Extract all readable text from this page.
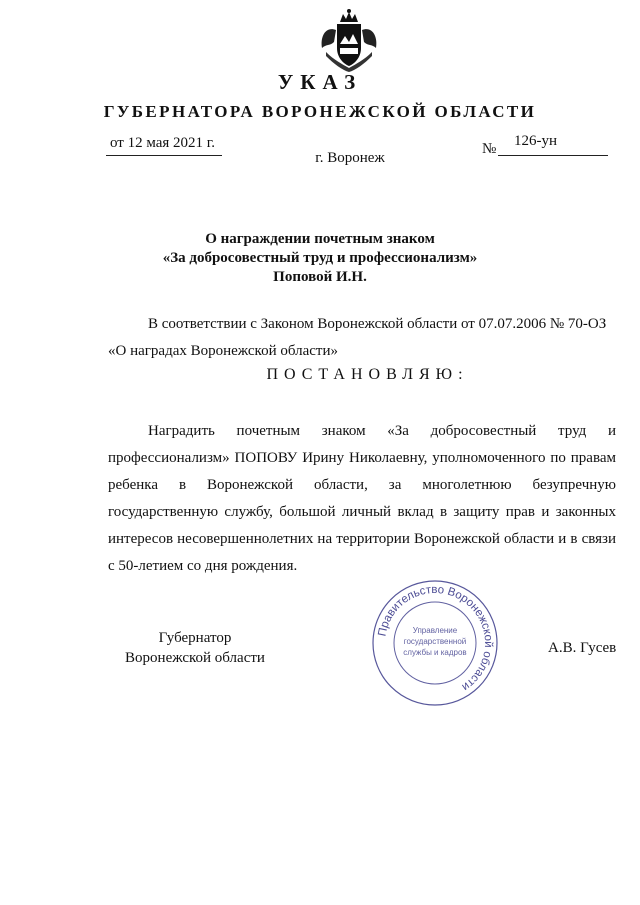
УКАЗ
ГУБЕРНАТОРА ВОРОНЕЖСКОЙ ОБЛАСТИ
от 12 мая 2021 г.	№ 126-ун
г. Воронеж
О награждении почетным знаком
«За добросовестный труд и профессионализм»
Поповой И.Н.
В соответствии с Законом Воронежской области от 07.07.2006 № 70-ОЗ
«О наградах Воронежской области»
ПОСТАНОВЛЯЮ:
Наградить почетным знаком «За добросовестный труд и профессионализм» ПОПОВУ Ирину Николаевну, уполномоченного по правам ребенка в Воронежской области, за многолетнюю безупречную государственную службу, большой личный вклад в защиту прав и законных интересов несовершеннолетних на территории Воронежской области и в связи с 50-летием со дня рождения.
Правительство Воронежской области
Управление
государственной
службы и кадров
Губернатор
Воронежской области
А.В. Гусев
